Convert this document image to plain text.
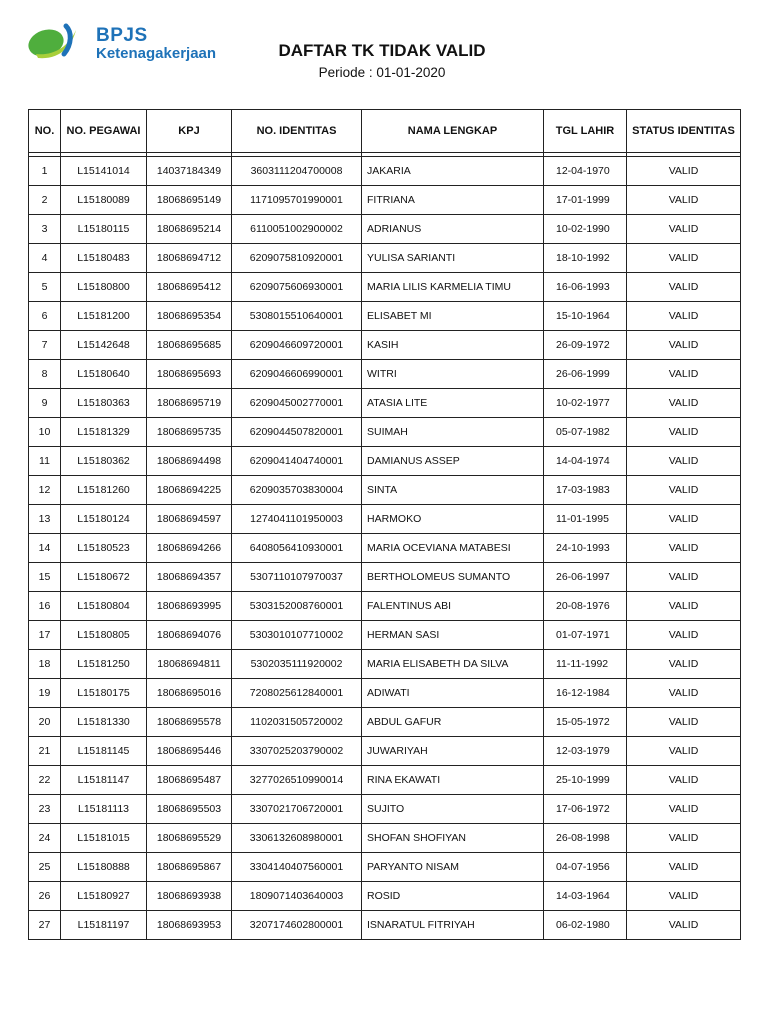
BPJS
Ketenagakerjaan	DAFTAR TK TIDAK VALID
Periode : 01-01-2020
NO.	NO. PEGAWAI	KPJ	NO. IDENTITAS	NAMA LENGKAP	TGL LAHIR	STATUS IDENTITAS

1	L15141014	14037184349	3603111204700008	JAKARIA	12-04-1970	VALID
2	L15180089	18068695149	1171095701990001	FITRIANA	17-01-1999	VALID
3	L15180115	18068695214	6110051002900002	ADRIANUS	10-02-1990	VALID
4	L15180483	18068694712	6209075810920001	YULISA SARIANTI	18-10-1992	VALID
5	L15180800	18068695412	6209075606930001	MARIA LILIS KARMELIA TIMU	16-06-1993	VALID
6	L15181200	18068695354	5308015510640001	ELISABET MI	15-10-1964	VALID
7	L15142648	18068695685	6209046609720001	KASIH	26-09-1972	VALID
8	L15180640	18068695693	6209046606990001	WITRI	26-06-1999	VALID
9	L15180363	18068695719	6209045002770001	ATASIA LITE	10-02-1977	VALID
10	L15181329	18068695735	6209044507820001	SUIMAH	05-07-1982	VALID
11	L15180362	18068694498	6209041404740001	DAMIANUS ASSEP	14-04-1974	VALID
12	L15181260	18068694225	6209035703830004	SINTA	17-03-1983	VALID
13	L15180124	18068694597	1274041101950003	HARMOKO	11-01-1995	VALID
14	L15180523	18068694266	6408056410930001	MARIA OCEVIANA MATABESI	24-10-1993	VALID
15	L15180672	18068694357	5307110107970037	BERTHOLOMEUS SUMANTO	26-06-1997	VALID
16	L15180804	18068693995	5303152008760001	FALENTINUS ABI	20-08-1976	VALID
17	L15180805	18068694076	5303010107710002	HERMAN SASI	01-07-1971	VALID
18	L15181250	18068694811	5302035111920002	MARIA ELISABETH DA SILVA	11-11-1992	VALID
19	L15180175	18068695016	7208025612840001	ADIWATI	16-12-1984	VALID
20	L15181330	18068695578	1102031505720002	ABDUL GAFUR	15-05-1972	VALID
21	L15181145	18068695446	3307025203790002	JUWARIYAH	12-03-1979	VALID
22	L15181147	18068695487	3277026510990014	RINA EKAWATI	25-10-1999	VALID
23	L15181113	18068695503	3307021706720001	SUJITO	17-06-1972	VALID
24	L15181015	18068695529	3306132608980001	SHOFAN SHOFIYAN	26-08-1998	VALID
25	L15180888	18068695867	3304140407560001	PARYANTO NISAM	04-07-1956	VALID
26	L15180927	18068693938	1809071403640003	ROSID	14-03-1964	VALID
27	L15181197	18068693953	3207174602800001	ISNARATUL FITRIYAH	06-02-1980	VALID
